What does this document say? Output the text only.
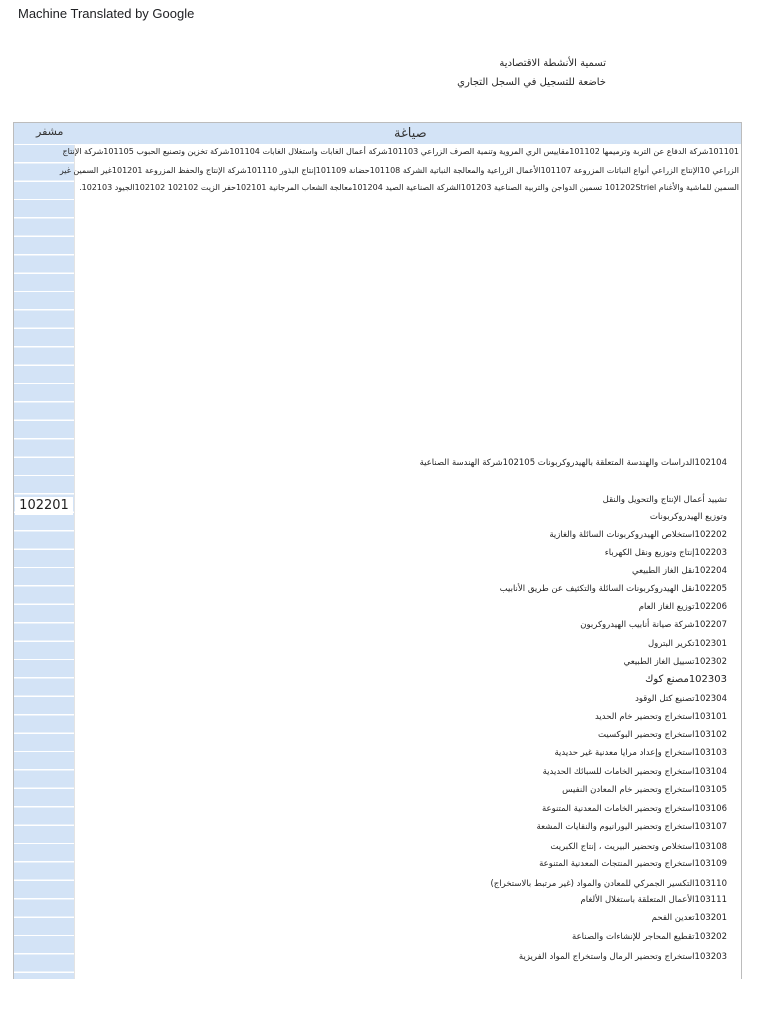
Machine Translated by Google
تسمية الأنشطة الاقتصادية
خاضعة للتسجيل في السجل التجاري
صياغة
مشفر
102201
101101شركة الدفاع عن التربة وترميمها 101102مقاييس الري المروية وتنمية الصرف الزراعي 101103شركة أعمال الغابات واستغلال الغابات 101104شركة تخزين وتصنيع الحبوب 101105شركة الإنتاج
الزراعي 10الإنتاج الزراعي أنواع النباتات المزروعة 101107الأعمال الزراعية والمعالجة النباتية الشركة 101108حضانة 101109إنتاج البذور 101110شركة الإنتاج والحفظ المزروعة 101201غير السمين غير
السمين للماشية والأغنام 101202Striel تسمين الدواجن والتربية الصناعية 101203الشركة الصناعية الصيد 101204معالجة الشعاب المرجانية 102101حفر الزيت 102102 102102الجيود 102103.
102104الدراسات والهندسة المتعلقة بالهيدروكربونات 102105شركة الهندسة الصناعية
تشييد أعمال الإنتاج والتحويل والنقل
وتوزيع الهيدروكربونات
102202استخلاص الهيدروكربونات السائلة والغازية
102203إنتاج وتوزيع ونقل الكهرباء
102204نقل الغاز الطبيعي
102205نقل الهيدروكربونات السائلة والتكثيف عن طريق الأنابيب
102206توزيع الغاز العام
102207شركة صيانة أنابيب الهيدروكربون
102301تكرير البترول
102302تسييل الغاز الطبيعي
102303مصنع كوك
102304تصنيع كتل الوقود
103101استخراج وتحضير خام الحديد
103102استخراج وتحضير البوكسيت
103103استخراج وإعداد مرايا معدنية غير حديدية
103104استخراج وتحضير الخامات للسبائك الحديدية
103105استخراج وتحضير خام المعادن النفيس
103106استخراج وتحضير الخامات المعدنية المتنوعة
103107استخراج وتحضير اليورانيوم والنفايات المشعة
103108استخلاص وتحضير البيريت ، إنتاج الكبريت
103109استخراج وتحضير المنتجات المعدنية المتنوعة
103110التكسير الجمركي للمعادن والمواد (غير مرتبط بالاستخراج)
103111الأعمال المتعلقة باستغلال الألغام
103201تعدين الفحم
103202تقطيع المحاجر للإنشاءات والصناعة
103203استخراج وتحضير الرمال واستخراج المواد الفريزية
